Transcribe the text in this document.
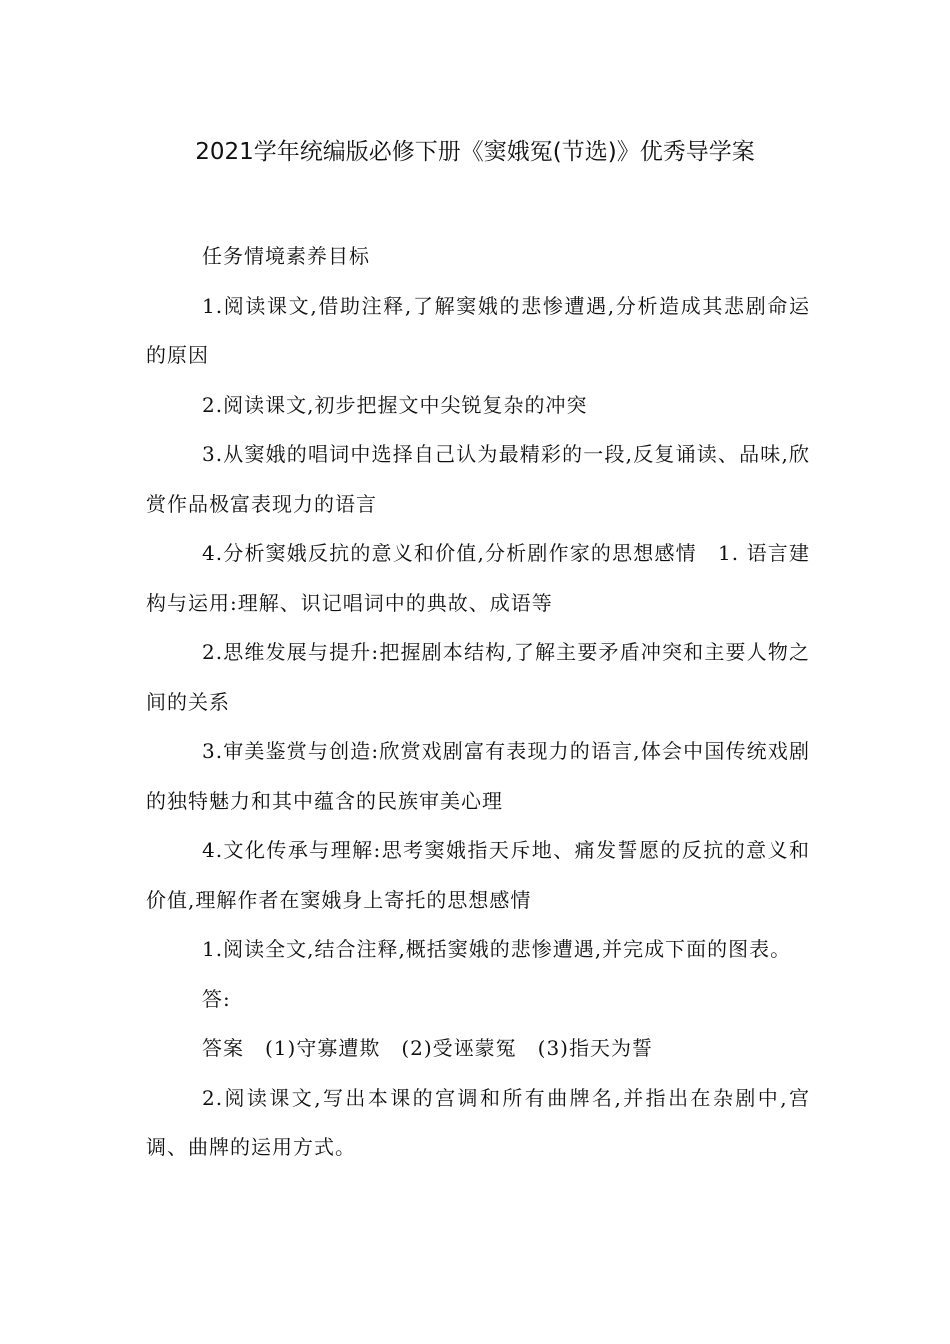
2021学年统编版必修下册《窦娥冤(节选)》优秀导学案

任务情境素养目标

1.阅读课文,借助注释,了解窦娥的悲惨遭遇,分析造成其悲剧命运的原因

2.阅读课文,初步把握文中尖锐复杂的冲突

3.从窦娥的唱词中选择自己认为最精彩的一段,反复诵读、品味,欣赏作品极富表现力的语言

4.分析窦娥反抗的意义和价值,分析剧作家的思想感情　1. 语言建构与运用:理解、识记唱词中的典故、成语等

2.思维发展与提升:把握剧本结构,了解主要矛盾冲突和主要人物之间的关系

3.审美鉴赏与创造:欣赏戏剧富有表现力的语言,体会中国传统戏剧的独特魅力和其中蕴含的民族审美心理

4.文化传承与理解:思考窦娥指天斥地、痛发誓愿的反抗的意义和价值,理解作者在窦娥身上寄托的思想感情

1.阅读全文,结合注释,概括窦娥的悲惨遭遇,并完成下面的图表。

答:

答案　(1)守寡遭欺　(2)受诬蒙冤　(3)指天为誓

2.阅读课文,写出本课的宫调和所有曲牌名,并指出在杂剧中,宫调、曲牌的运用方式。
